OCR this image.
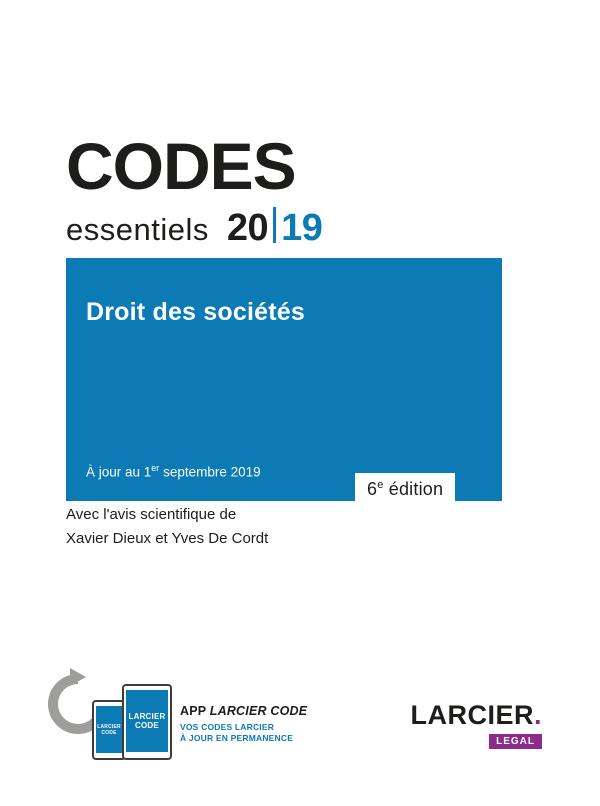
CODES
essentiels 20 19
Droit des sociétés
À jour au 1er septembre 2019
6e édition
Avec l'avis scientifique de
Xavier Dieux et Yves De Cordt
LARCIER CODE
LARCIER CODE
APP LARCIER CODE
VOS CODES LARCIER
À JOUR EN PERMANENCE
LARCIER.
LEGAL
